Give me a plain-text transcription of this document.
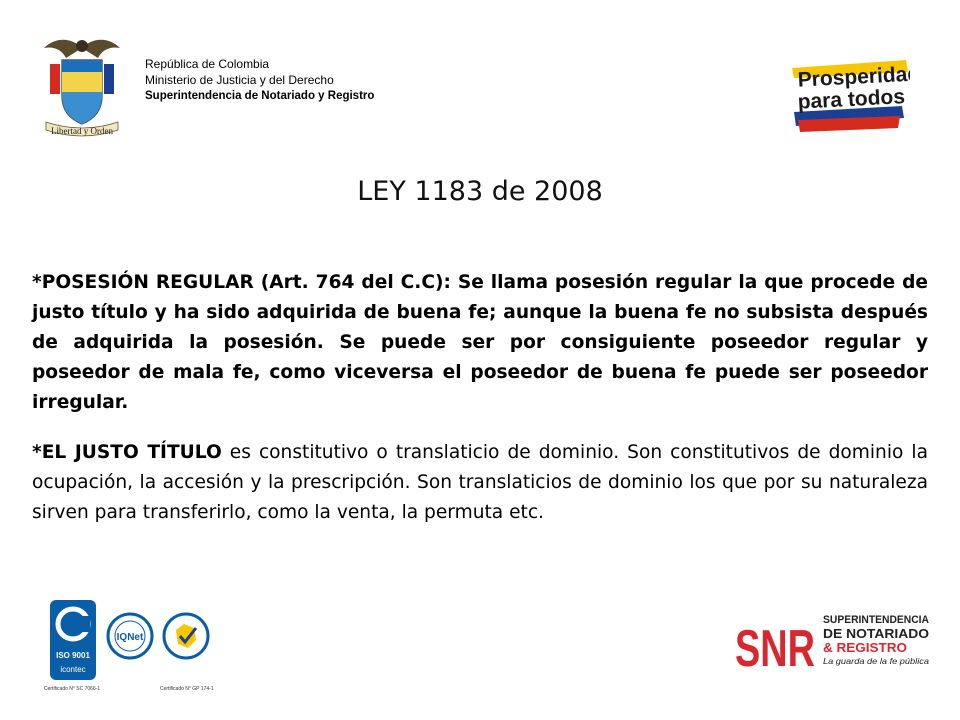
Libertad y Orden
República de Colombia
Ministerio de Justicia y del Derecho
Superintendencia de Notariado y Registro
Prosperidad
para todos
LEY 1183 de 2008
*POSESIÓN REGULAR (Art. 764 del C.C): Se llama posesión regular la que procede de justo título y ha sido adquirida de buena fe; aunque la buena fe no subsista después de adquirida la posesión. Se puede ser por consiguiente poseedor regular y poseedor de mala fe, como viceversa el poseedor de buena fe puede ser poseedor irregular.
*EL JUSTO TÍTULO es constitutivo o translaticio de dominio. Son constitutivos de dominio la ocupación, la accesión y la prescripción. Son translaticios de dominio los que por su naturaleza sirven para transferirlo, como la venta, la permuta etc.
ISO 9001
icontec
Certificado N° SC 7066-1
IQNet
Certificado N° GP 174-1
SNR SUPERINTENDENCIA
DE NOTARIADO
& REGISTRO
La guarda de la fe pública
